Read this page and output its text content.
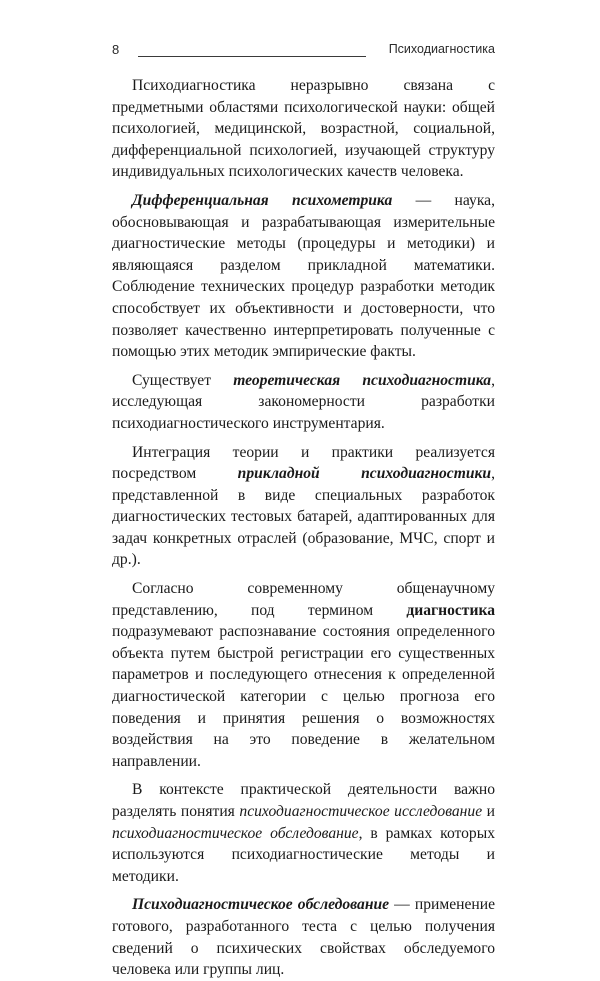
8	Психодиагностика

Психодиагностика неразрывно связана с предметными областями психологической науки: общей психологией, медицинской, возрастной, социальной, дифференциальной психологией, изучающей структуру индивидуальных психологических качеств человека.

Дифференциальная психометрика — наука, обосновывающая и разрабатывающая измерительные диагностические методы (процедуры и методики) и являющаяся разделом прикладной математики. Соблюдение технических процедур разработки методик способствует их объективности и достоверности, что позволяет качественно интерпретировать полученные с помощью этих методик эмпирические факты.

Существует теоретическая психодиагностика, исследующая закономерности разработки психодиагностического инструментария.

Интеграция теории и практики реализуется посредством прикладной психодиагностики, представленной в виде специальных разработок диагностических тестовых батарей, адаптированных для задач конкретных отраслей (образование, МЧС, спорт и др.).

Согласно современному общенаучному представлению, под термином диагностика подразумевают распознавание состояния определенного объекта путем быстрой регистрации его существенных параметров и последующего отнесения к определенной диагностической категории с целью прогноза его поведения и принятия решения о возможностях воздействия на это поведение в желательном направлении.

В контексте практической деятельности важно разделять понятия психодиагностическое исследование и психодиагностическое обследование, в рамках которых используются психодиагностические методы и методики.

Психодиагностическое обследование — применение готового, разработанного теста с целью получения сведений о психических свойствах обследуемого человека или группы лиц.
